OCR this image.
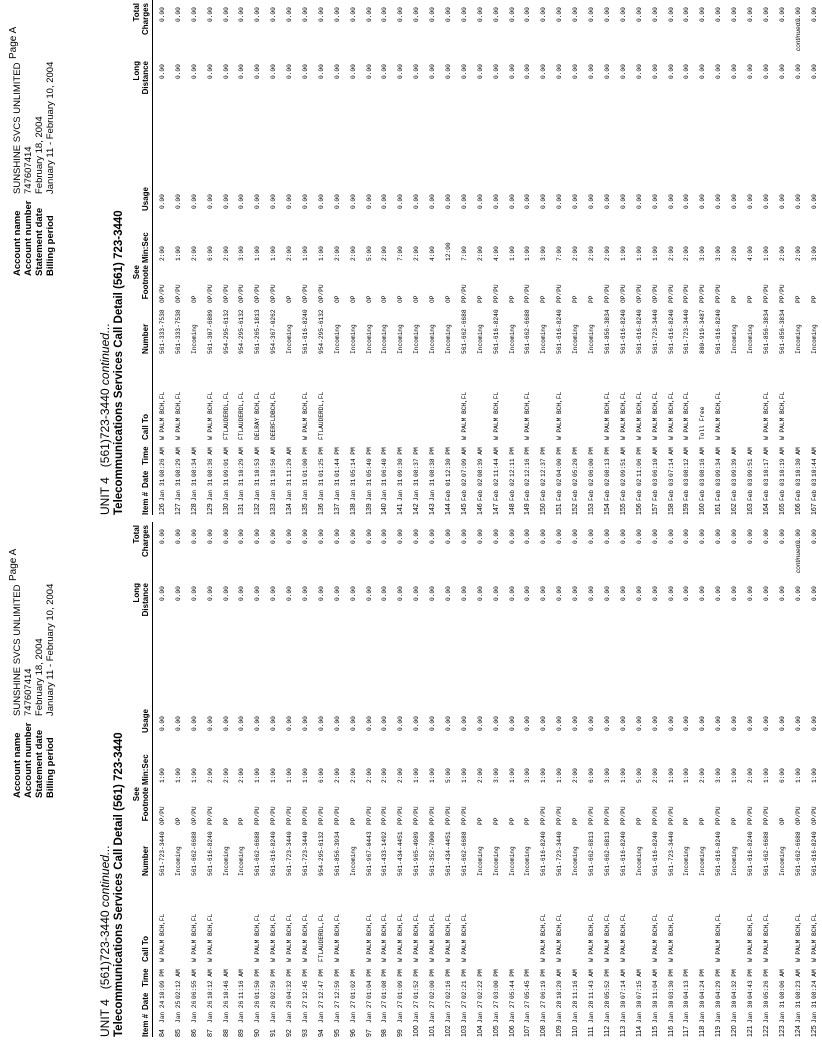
Account name
SUNSHINE SVCS UNLIMITED
Account number
747607414
Statement date
February 18, 2004
Billing period
January 11 - February 10, 2004
Page A
UNIT 4   (561)723-3440 continued... Telecommunications Services Call Detail (561) 723-3440 Item #
Date
Time
Call To
Number
See Footnote
Min:Sec
Usage
Long Distance
Total Charges
84
Jan 24
10:09 PM
W PALM BCH,FL
561-723-3440
OP/PU
1:00
0.00
0.00
0.00
85
Jan 25
02:12 AM
Incoming
OP
1:00
0.00
0.00
0.00
86
Jan 26
06:55 AM
W PALM BCH,FL
561-662-6688
OP/PU
1:00
0.00
0.00
0.00
87
Jan 26
10:12 AM
W PALM BCH,FL
561-616-8240
PP/PU
2:00
0.00
0.00
0.00
88
Jan 26
10:46 AM
Incoming
PP
2:00
0.00
0.00
0.00
89
Jan 26
11:16 AM
Incoming
PP
2:00
0.00
0.00
0.00
90
Jan 26
01:50 PM
W PALM BCH,FL
561-662-6688
PP/PU
1:00
0.00
0.00
0.00
91
Jan 26
02:59 PM
W PALM BCH,FL
561-616-8240
PP/PU
1:00
0.00
0.00
0.00
92
Jan 26
04:32 PM
W PALM BCH,FL
561-723-3440
PP/PU
1:00
0.00
0.00
0.00
93
Jan 27
12:45 PM
W PALM BCH,FL
561-723-3440
PP/PU
1:00
0.00
0.00
0.00
94
Jan 27
12:47 PM
FTLAUDERDL,FL
954-295-6132
PP/PU
6:00
0.00
0.00
0.00
95
Jan 27
12:59 PM
W PALM BCH,FL
561-856-3934
PP/PU
2:00
0.00
0.00
0.00
96
Jan 27
01:02 PM
Incoming
PP
2:00
0.00
0.00
0.00
97
Jan 27
01:04 PM
W PALM BCH,FL
561-967-0443
PP/PU
2:00
0.00
0.00
0.00
98
Jan 27
01:08 PM
W PALM BCH,FL
561-433-1492
PP/PU
2:00
0.00
0.00
0.00
99
Jan 27
01:09 PM
W PALM BCH,FL
561-434-4451
PP/PU
2:00
0.00
0.00
0.00
100
Jan 27
01:52 PM
W PALM BCH,FL
561-965-4989
PP/PU
1:00
0.00
0.00
0.00
101
Jan 27
02:00 PM
W PALM BCH,FL
561-352-7000
PP/PU
1:00
0.00
0.00
0.00
102
Jan 27
02:16 PM
W PALM BCH,FL
561-434-4451
PP/PU
5:00
0.00
0.00
0.00
103
Jan 27
02:21 PM
W PALM BCH,FL
561-662-6688
PP/PU
1:00
0.00
0.00
0.00
104
Jan 27
02:22 PM
Incoming
PP
2:00
0.00
0.00
0.00
105
Jan 27
03:00 PM
Incoming
PP
3:00
0.00
0.00
0.00
106
Jan 27
05:44 PM
Incoming
PP
1:00
0.00
0.00
0.00
107
Jan 27
05:45 PM
Incoming
PP
3:00
0.00
0.00
0.00
108
Jan 27
06:19 PM
W PALM BCH,FL
561-616-8240
PP/PU
1:00
0.00
0.00
0.00
109
Jan 28
10:20 AM
W PALM BCH,FL
561-723-3440
PP/PU
1:00
0.00
0.00
0.00
110
Jan 28
11:16 AM
Incoming
PP
2:00
0.00
0.00
0.00
111
Jan 28
11:43 AM
W PALM BCH,FL
561-662-6813
PP/PU
6:00
0.00
0.00
0.00
112
Jan 28
05:52 PM
W PALM BCH,FL
561-662-6813
PP/PU
3:00
0.00
0.00
0.00
113
Jan 30
07:14 AM
W PALM BCH,FL
561-616-8240
PP/PU
1:00
0.00
0.00
0.00
114
Jan 30
07:15 AM
Incoming
PP
5:00
0.00
0.00
0.00
115
Jan 30
11:04 AM
W PALM BCH,FL
561-616-8240
PP/PU
2:00
0.00
0.00
0.00
116
Jan 30
03:30 PM
W PALM BCH,FL
561-723-3440
PP/PU
1:00
0.00
0.00
0.00
117
Jan 30
04:13 PM
Incoming
PP
1:00
0.00
0.00
0.00
118
Jan 30
04:24 PM
Incoming
PP
2:00
0.00
0.00
0.00
119
Jan 30
04:29 PM
W PALM BCH,FL
561-616-8240
PP/PU
3:00
0.00
0.00
0.00
120
Jan 30
04:32 PM
Incoming
PP
1:00
0.00
0.00
0.00
121
Jan 30
04:43 PM
W PALM BCH,FL
561-616-8240
PP/PU
2:00
0.00
0.00
0.00
122
Jan 30
05:26 PM
W PALM BCH,FL
561-662-6688
PP/PU
1:00
0.00
0.00
0.00
123
Jan 31
08:06 AM
Incoming
OP
6:00
0.00
0.00
0.00
124
Jan 31
08:23 AM
W PALM BCH,FL
561-662-6688
OP/PU
1:00
0.00
0.00
0.00
125
Jan 31
08:24 AM
W PALM BCH,FL
561-616-8240
OP/PU
1:00
0.00
0.00
0.00
continued...
Account name
SUNSHINE SVCS UNLIMITED
Account number
747607414
Statement date
February 18, 2004
Billing period
January 11 - February 10, 2004
Page A
UNIT 4   (561)723-3440 continued... Telecommunications Services Call Detail (561) 723-3440 Item #
Date
Time
Call To
Number
See Footnote
Min:Sec
Usage
Long Distance
Total Charges
126
Jan 31
08:26 AM
W PALM BCH,FL
561-333-7538
OP/PU
2:00
0.00
0.00
0.00
127
Jan 31
08:29 AM
W PALM BCH,FL
561-333-7538
OP/PU
1:00
0.00
0.00
0.00
128
Jan 31
08:34 AM
Incoming
OP
2:00
0.00
0.00
0.00
129
Jan 31
08:36 AM
W PALM BCH,FL
561-307-6889
OP/PU
6:00
0.00
0.00
0.00
130
Jan 31
09:01 AM
FTLAUDERDL,FL
954-295-6132
OP/PU
2:00
0.00
0.00
0.00
131
Jan 31
10:29 AM
FTLAUDERDL,FL
954-295-6132
OP/PU
3:00
0.00
0.00
0.00
132
Jan 31
10:53 AM
DELRAY BCH,FL
561-265-1813
OP/PU
1:00
0.00
0.00
0.00
133
Jan 31
10:56 AM
DEERFLDBCH,FL
954-367-0262
OP/PU
1:00
0.00
0.00
0.00
134
Jan 31
11:20 AM
Incoming
OP
2:00
0.00
0.00
0.00
135
Jan 31
01:00 PM
W PALM BCH,FL
561-616-8240
OP/PU
1:00
0.00
0.00
0.00
136
Jan 31
01:25 PM
FTLAUDERDL,FL
954-295-6132
OP/PU
1:00
0.00
0.00
0.00
137
Jan 31
01:44 PM
Incoming
OP
2:00
0.00
0.00
0.00
138
Jan 31
05:14 PM
Incoming
OP
2:00
0.00
0.00
0.00
139
Jan 31
05:40 PM
Incoming
OP
5:00
0.00
0.00
0.00
140
Jan 31
06:40 PM
Incoming
OP
2:00
0.00
0.00
0.00
141
Jan 31
09:30 PM
Incoming
OP
7:00
0.00
0.00
0.00
142
Jan 31
08:37 PM
Incoming
OP
2:00
0.00
0.00
0.00
143
Jan 31
08:38 PM
Incoming
OP
4:00
0.00
0.00
0.00
144
Feb 01
12:30 PM
Incoming
OP
12:00
0.00
0.00
0.00
145
Feb 02
07:09 AM
W PALM BCH,FL
561-662-6688
PP/PU
7:00
0.00
0.00
0.00
146
Feb 02
08:39 AM
Incoming
PP
2:00
0.00
0.00
0.00
147
Feb 02
11:44 AM
W PALM BCH,FL
561-616-8240
PP/PU
4:00
0.00
0.00
0.00
148
Feb 02
12:11 PM
Incoming
PP
1:00
0.00
0.00
0.00
149
Feb 02
12:16 PM
W PALM BCH,FL
561-662-6688
PP/PU
1:00
0.00
0.00
0.00
150
Feb 02
12:37 PM
Incoming
PP
3:00
0.00
0.00
0.00
151
Feb 02
04:00 PM
W PALM BCH,FL
561-616-8240
PP/PU
7:00
0.00
0.00
0.00
152
Feb 02
05:20 PM
Incoming
PP
2:00
0.00
0.00
0.00
153
Feb 02
06:00 PM
Incoming
PP
2:00
0.00
0.00
0.00
154
Feb 02
08:13 PM
W PALM BCH,FL
561-856-3834
PP/PU
2:00
0.00
0.00
0.00
155
Feb 02
09:51 AM
W PALM BCH,FL
561-616-8240
OP/PU
1:00
0.00
0.00
0.00
156
Feb 02
11:06 PM
W PALM BCH,FL
561-616-8240
OP/PU
1:00
0.00
0.00
0.00
157
Feb 03
06:10 AM
W PALM BCH,FL
561-723-3440
OP/PU
1:00
0.00
0.00
0.00
158
Feb 03
07:14 AM
W PALM BCH,FL
561-616-8240
PP/PU
2:00
0.00
0.00
0.00
159
Feb 03
08:12 AM
W PALM BCH,FL
561-723-3440
PP/PU
2:00
0.00
0.00
0.00
160
Feb 03
08:16 AM
Toll Free
800-919-3487
PP/PU
3:00
0.00
0.00
0.00
161
Feb 03
09:34 AM
W PALM BCH,FL
561-616-8240
PP/PU
3:00
0.00
0.00
0.00
162
Feb 03
09:39 AM
Incoming
PP
2:00
0.00
0.00
0.00
163
Feb 03
09:51 AM
Incoming
PP
4:00
0.00
0.00
0.00
164
Feb 03
10:17 AM
W PALM BCH,FL
561-856-3834
PP/PU
1:00
0.00
0.00
0.00
165
Feb 03
10:19 AM
W PALM BCH,FL
561-856-3834
PP/PU
2:00
0.00
0.00
0.00
166
Feb 03
10:30 AM
Incoming
PP
2:00
0.00
0.00
0.00
167
Feb 03
10:44 AM
Incoming
PP
3:00
0.00
0.00
0.00
continued...
